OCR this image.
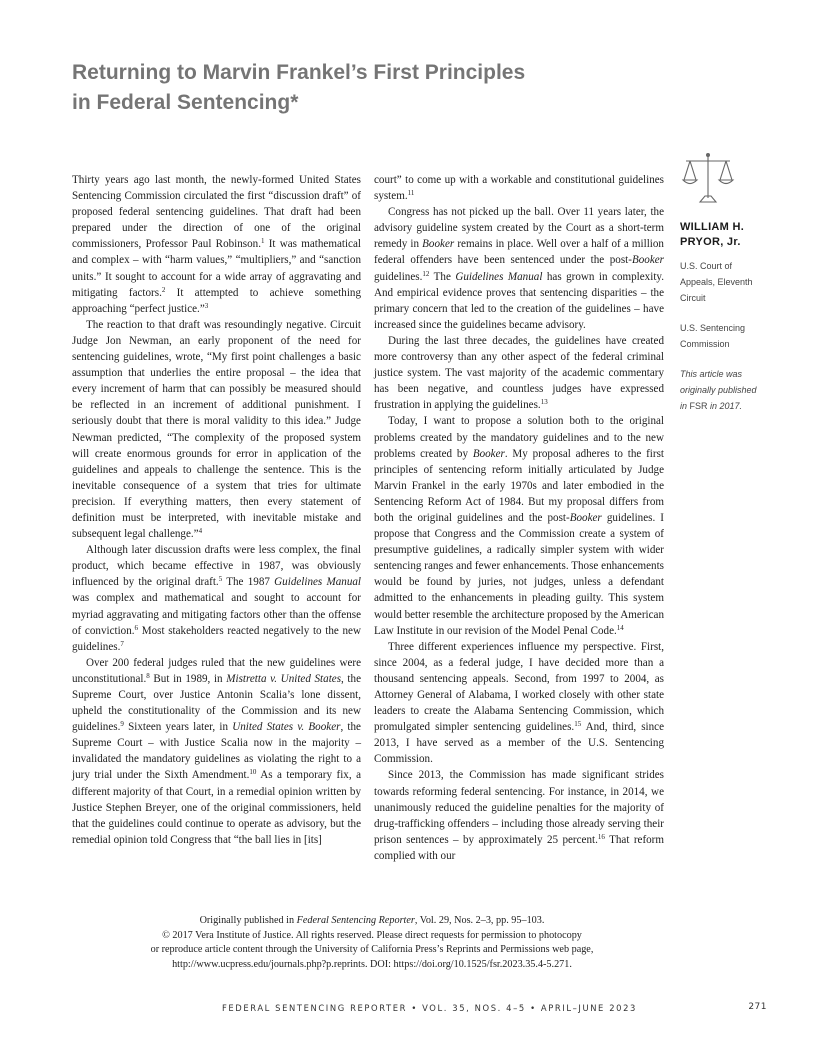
Returning to Marvin Frankel’s First Principles
in Federal Sentencing*

Thirty years ago last month, the newly-formed United States Sentencing Commission circulated the first “discussion draft” of proposed federal sentencing guidelines. That draft had been prepared under the direction of one of the original commissioners, Professor Paul Robinson.$^1$ It was mathematical and complex – with “harm values,” “multipliers,” and “sanction units.” It sought to account for a wide array of aggravating and mitigating factors.$^2$ It attempted to achieve something approaching “perfect justice.”$^3$

The reaction to that draft was resoundingly negative. Circuit Judge Jon Newman, an early proponent of the need for sentencing guidelines, wrote, “My first point challenges a basic assumption that underlies the entire proposal – the idea that every increment of harm that can possibly be measured should be reflected in an increment of additional punishment. I seriously doubt that there is moral validity to this idea.” Judge Newman predicted, “The complexity of the proposed system will create enormous grounds for error in application of the guidelines and appeals to challenge the sentence. This is the inevitable consequence of a system that tries for ultimate precision. If everything matters, then every statement of definition must be interpreted, with inevitable mistake and subsequent legal challenge.”$^4$

Although later discussion drafts were less complex, the final product, which became effective in 1987, was obviously influenced by the original draft.$^5$ The 1987 Guidelines Manual was complex and mathematical and sought to account for myriad aggravating and mitigating factors other than the offense of conviction.$^6$ Most stakeholders reacted negatively to the new guidelines.$^7$

Over 200 federal judges ruled that the new guidelines were unconstitutional.$^8$ But in 1989, in Mistretta v. United States, the Supreme Court, over Justice Antonin Scalia’s lone dissent, upheld the constitutionality of the Commission and its new guidelines.$^9$ Sixteen years later, in United States v. Booker, the Supreme Court – with Justice Scalia now in the majority – invalidated the mandatory guidelines as violating the right to a jury trial under the Sixth Amendment.$^{10}$ As a temporary fix, a different majority of that Court, in a remedial opinion written by Justice Stephen Breyer, one of the original commissioners, held that the guidelines could continue to operate as advisory, but the remedial opinion told Congress that “the ball lies in [its]

court” to come up with a workable and constitutional guidelines system.$^{11}$

Congress has not picked up the ball. Over 11 years later, the advisory guideline system created by the Court as a short-term remedy in Booker remains in place. Well over a half of a million federal offenders have been sentenced under the post-Booker guidelines.$^{12}$ The Guidelines Manual has grown in complexity. And empirical evidence proves that sentencing disparities – the primary concern that led to the creation of the guidelines – have increased since the guidelines became advisory.

During the last three decades, the guidelines have created more controversy than any other aspect of the federal criminal justice system. The vast majority of the academic commentary has been negative, and countless judges have expressed frustration in applying the guidelines.$^{13}$

Today, I want to propose a solution both to the original problems created by the mandatory guidelines and to the new problems created by Booker. My proposal adheres to the first principles of sentencing reform initially articulated by Judge Marvin Frankel in the early 1970s and later embodied in the Sentencing Reform Act of 1984. But my proposal differs from both the original guidelines and the post-Booker guidelines. I propose that Congress and the Commission create a system of presumptive guidelines, a radically simpler system with wider sentencing ranges and fewer enhancements. Those enhancements would be found by juries, not judges, unless a defendant admitted to the enhancements in pleading guilty. This system would better resemble the architecture proposed by the American Law Institute in our revision of the Model Penal Code.$^{14}$

Three different experiences influence my perspective. First, since 2004, as a federal judge, I have decided more than a thousand sentencing appeals. Second, from 1997 to 2004, as Attorney General of Alabama, I worked closely with other state leaders to create the Alabama Sentencing Commission, which promulgated simpler sentencing guidelines.$^{15}$ And, third, since 2013, I have served as a member of the U.S. Sentencing Commission.

Since 2013, the Commission has made significant strides towards reforming federal sentencing. For instance, in 2014, we unanimously reduced the guideline penalties for the majority of drug-trafficking offenders – including those already serving their prison sentences – by approximately 25 percent.$^{16}$ That reform complied with our

WILLIAM H.
PRYOR, Jr.
U.S. Court of
Appeals, Eleventh
Circuit
U.S. Sentencing
Commission
This article was
originally published
in FSR in 2017.
Originally published in Federal Sentencing Reporter, Vol. 29, Nos. 2–3, pp. 95–103.
© 2017 Vera Institute of Justice. All rights reserved. Please direct requests for permission to photocopy
or reproduce article content through the University of California Press’s Reprints and Permissions web page,
http://www.ucpress.edu/journals.php?p.reprints. DOI: https://doi.org/10.1525/fsr.2023.35.4-5.271.
FEDERAL SENTENCING REPORTER • VOL. 35, NOS. 4–5 • APRIL–JUNE 2023	271
